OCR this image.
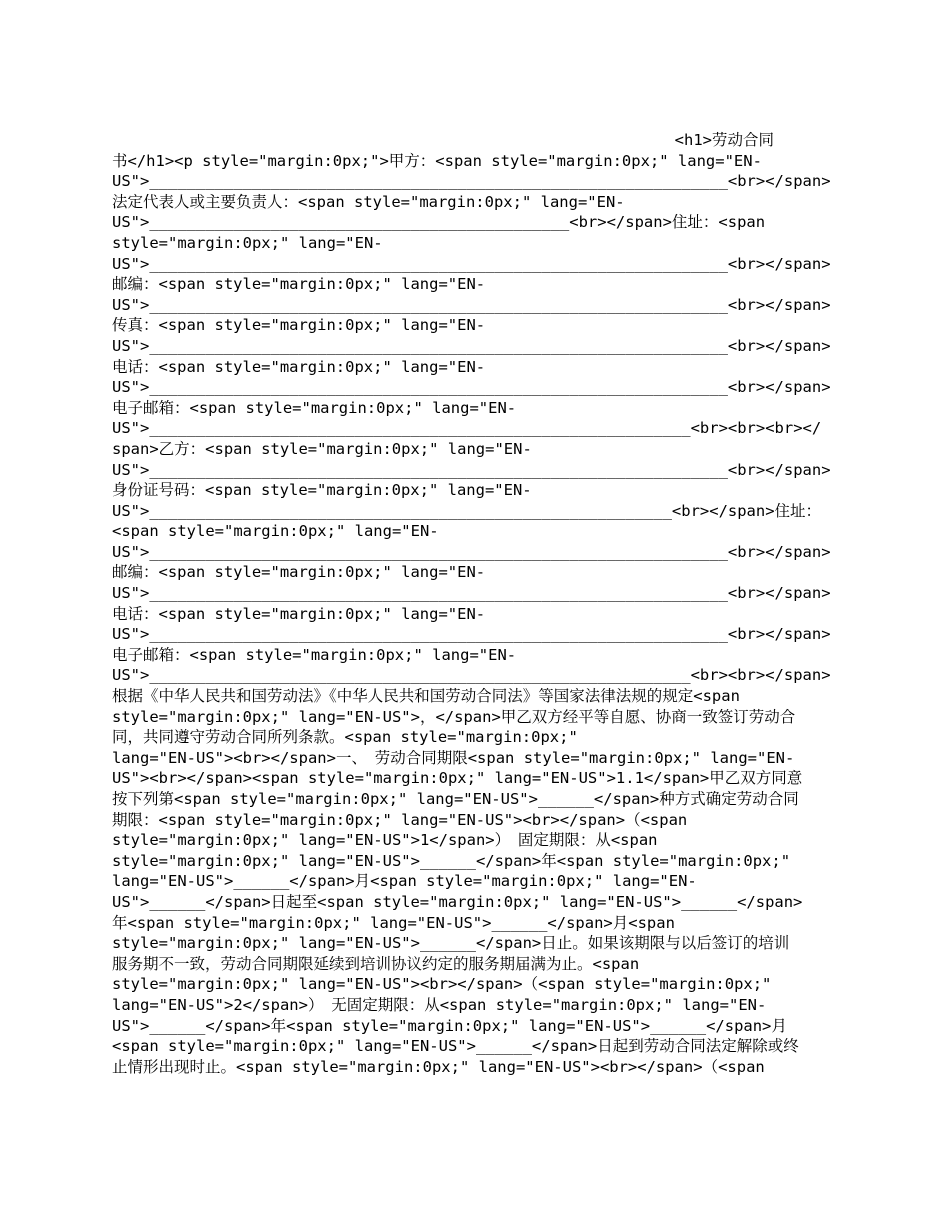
<h1>劳动合同
书</h1><p style="margin:0px;">甲方：<span style="margin:0px;" lang="EN-
US">______________________________________________________________<br></span>
法定代表人或主要负责人：<span style="margin:0px;" lang="EN-
US">_____________________________________________<br></span>住址：<span
style="margin:0px;" lang="EN-
US">______________________________________________________________<br></span>
邮编：<span style="margin:0px;" lang="EN-
US">______________________________________________________________<br></span>
传真：<span style="margin:0px;" lang="EN-
US">______________________________________________________________<br></span>
电话：<span style="margin:0px;" lang="EN-
US">______________________________________________________________<br></span>
电子邮箱：<span style="margin:0px;" lang="EN-
US">__________________________________________________________<br><br><br></
span>乙方：<span style="margin:0px;" lang="EN-
US">______________________________________________________________<br></span>
身份证号码：<span style="margin:0px;" lang="EN-
US">________________________________________________________<br></span>住址：
<span style="margin:0px;" lang="EN-
US">______________________________________________________________<br></span>
邮编：<span style="margin:0px;" lang="EN-
US">______________________________________________________________<br></span>
电话：<span style="margin:0px;" lang="EN-
US">______________________________________________________________<br></span>
电子邮箱：<span style="margin:0px;" lang="EN-
US">__________________________________________________________<br><br></span>
根据《中华人民共和国劳动法》《中华人民共和国劳动合同法》等国家法律法规的规定<span
style="margin:0px;" lang="EN-US">，</span>甲乙双方经平等自愿、协商一致签订劳动合
同，共同遵守劳动合同所列条款。<span style="margin:0px;"
lang="EN-US"><br></span>一、　劳动合同期限<span style="margin:0px;" lang="EN-
US"><br></span><span style="margin:0px;" lang="EN-US">1.1</span>甲乙双方同意
按下列第<span style="margin:0px;" lang="EN-US">______</span>种方式确定劳动合同
期限：<span style="margin:0px;" lang="EN-US"><br></span>（<span
style="margin:0px;" lang="EN-US">1</span>）　固定期限：从<span
style="margin:0px;" lang="EN-US">______</span>年<span style="margin:0px;"
lang="EN-US">______</span>月<span style="margin:0px;" lang="EN-
US">______</span>日起至<span style="margin:0px;" lang="EN-US">______</span>
年<span style="margin:0px;" lang="EN-US">______</span>月<span
style="margin:0px;" lang="EN-US">______</span>日止。如果该期限与以后签订的培训
服务期不一致，劳动合同期限延续到培训协议约定的服务期届满为止。<span
style="margin:0px;" lang="EN-US"><br></span>（<span style="margin:0px;"
lang="EN-US">2</span>）　无固定期限：从<span style="margin:0px;" lang="EN-
US">______</span>年<span style="margin:0px;" lang="EN-US">______</span>月
<span style="margin:0px;" lang="EN-US">______</span>日起到劳动合同法定解除或终
止情形出现时止。<span style="margin:0px;" lang="EN-US"><br></span>（<span
